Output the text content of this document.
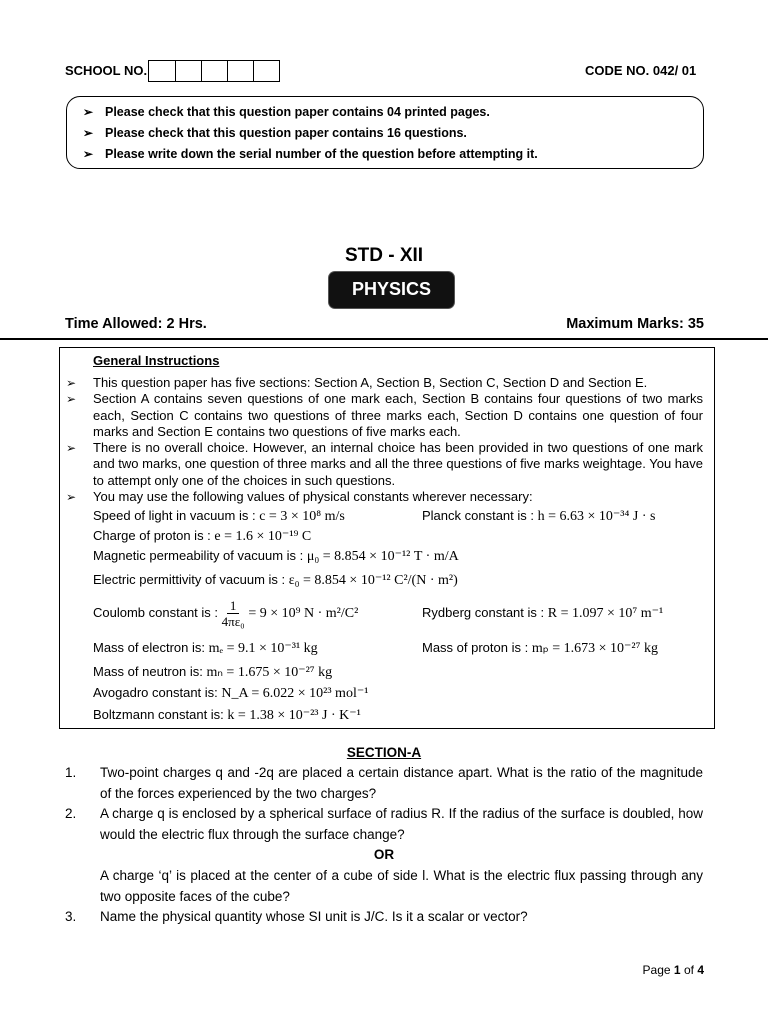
SCHOOL NO.	CODE NO. 042/ 01
➢ Please check that this question paper contains 04 printed pages.
➢ Please check that this question paper contains 16 questions.
➢ Please write down the serial number of the question before attempting it.
STD - XII
PHYSICS
Time Allowed: 2 Hrs.	Maximum Marks: 35
General Instructions
➢ This question paper has five sections: Section A, Section B, Section C, Section D and Section E.
➢ Section A contains seven questions of one mark each, Section B contains four questions of two marks each, Section C contains two questions of three marks each, Section D contains one question of four marks and Section E contains two questions of five marks each.
➢ There is no overall choice. However, an internal choice has been provided in two questions of one mark and two marks, one question of three marks and all the three questions of five marks weightage. You have to attempt only one of the choices in such questions.
➢ You may use the following values of physical constants wherever necessary:
Speed of light in vacuum is : c = 3 × 10⁸ m/s	Planck constant is : h = 6.63 × 10⁻³⁴ J · s
Charge of proton is : e = 1.6 × 10⁻¹⁹ C
Magnetic permeability of vacuum is : μ₀ = 8.854 × 10⁻¹² T · m/A
Electric permittivity of vacuum is : ε₀ = 8.854 × 10⁻¹² C²/(N · m²)
Coulomb constant is : $\frac{1}{\text{4πε₀}} = 9 \times 10^9$ N · m²/C²	Rydberg constant is : R = 1.097 × 10⁷ m⁻¹
Mass of electron is: mₑ = 9.1 × 10⁻³¹ kg	Mass of proton is : mₚ = 1.673 × 10⁻²⁷ kg
Mass of neutron is: mₙ = 1.675 × 10⁻²⁷ kg
Avogadro constant is: N_A = 6.022 × 10²³ mol⁻¹
Boltzmann constant is: k = 1.38 × 10⁻²³ J · K⁻¹
SECTION-A
1. Two-point charges q and -2q are placed a certain distance apart. What is the ratio of the magnitude of the forces experienced by the two charges?
2. A charge q is enclosed by a spherical surface of radius R. If the radius of the surface is doubled, how would the electric flux through the surface change?
OR
A charge ‘q’ is placed at the center of a cube of side l. What is the electric flux passing through any two opposite faces of the cube?
3. Name the physical quantity whose SI unit is J/C. Is it a scalar or vector?
Page 1 of 4
